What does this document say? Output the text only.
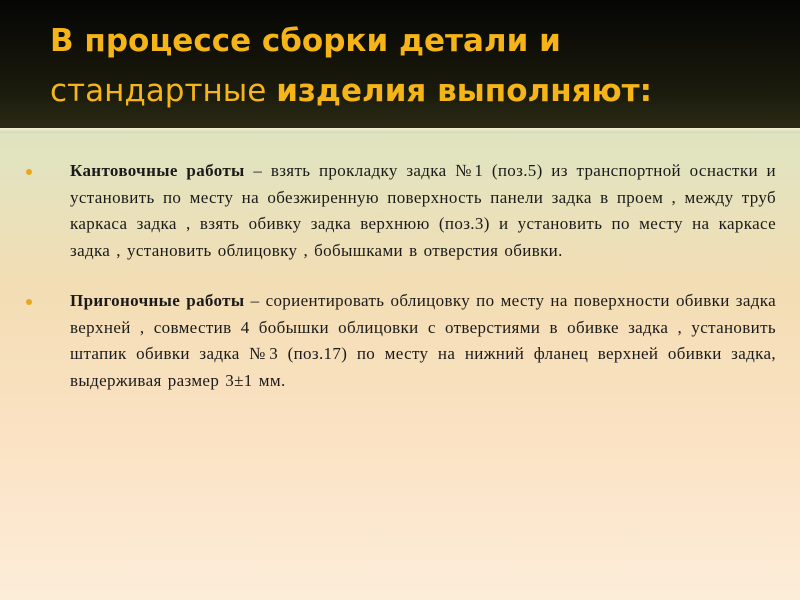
В процессе сборки детали и
стандартные изделия выполняют:

Кантовочные работы – взять прокладку задка №1 (поз.5) из транспортной оснастки и установить по месту на обезжиренную поверхность панели задка в проем , между труб каркаса задка , взять обивку задка верхнюю (поз.3) и установить по месту на каркасе задка , установить облицовку , бобышками в отверстия обивки.

Пригоночные работы – сориентировать облицовку по месту на поверхности обивки задка верхней , совместив 4 бобышки облицовки с отверстиями в обивке задка , установить штапик обивки задка №3 (поз.17) по месту на нижний фланец верхней обивки задка, выдерживая размер 3±1 мм.
